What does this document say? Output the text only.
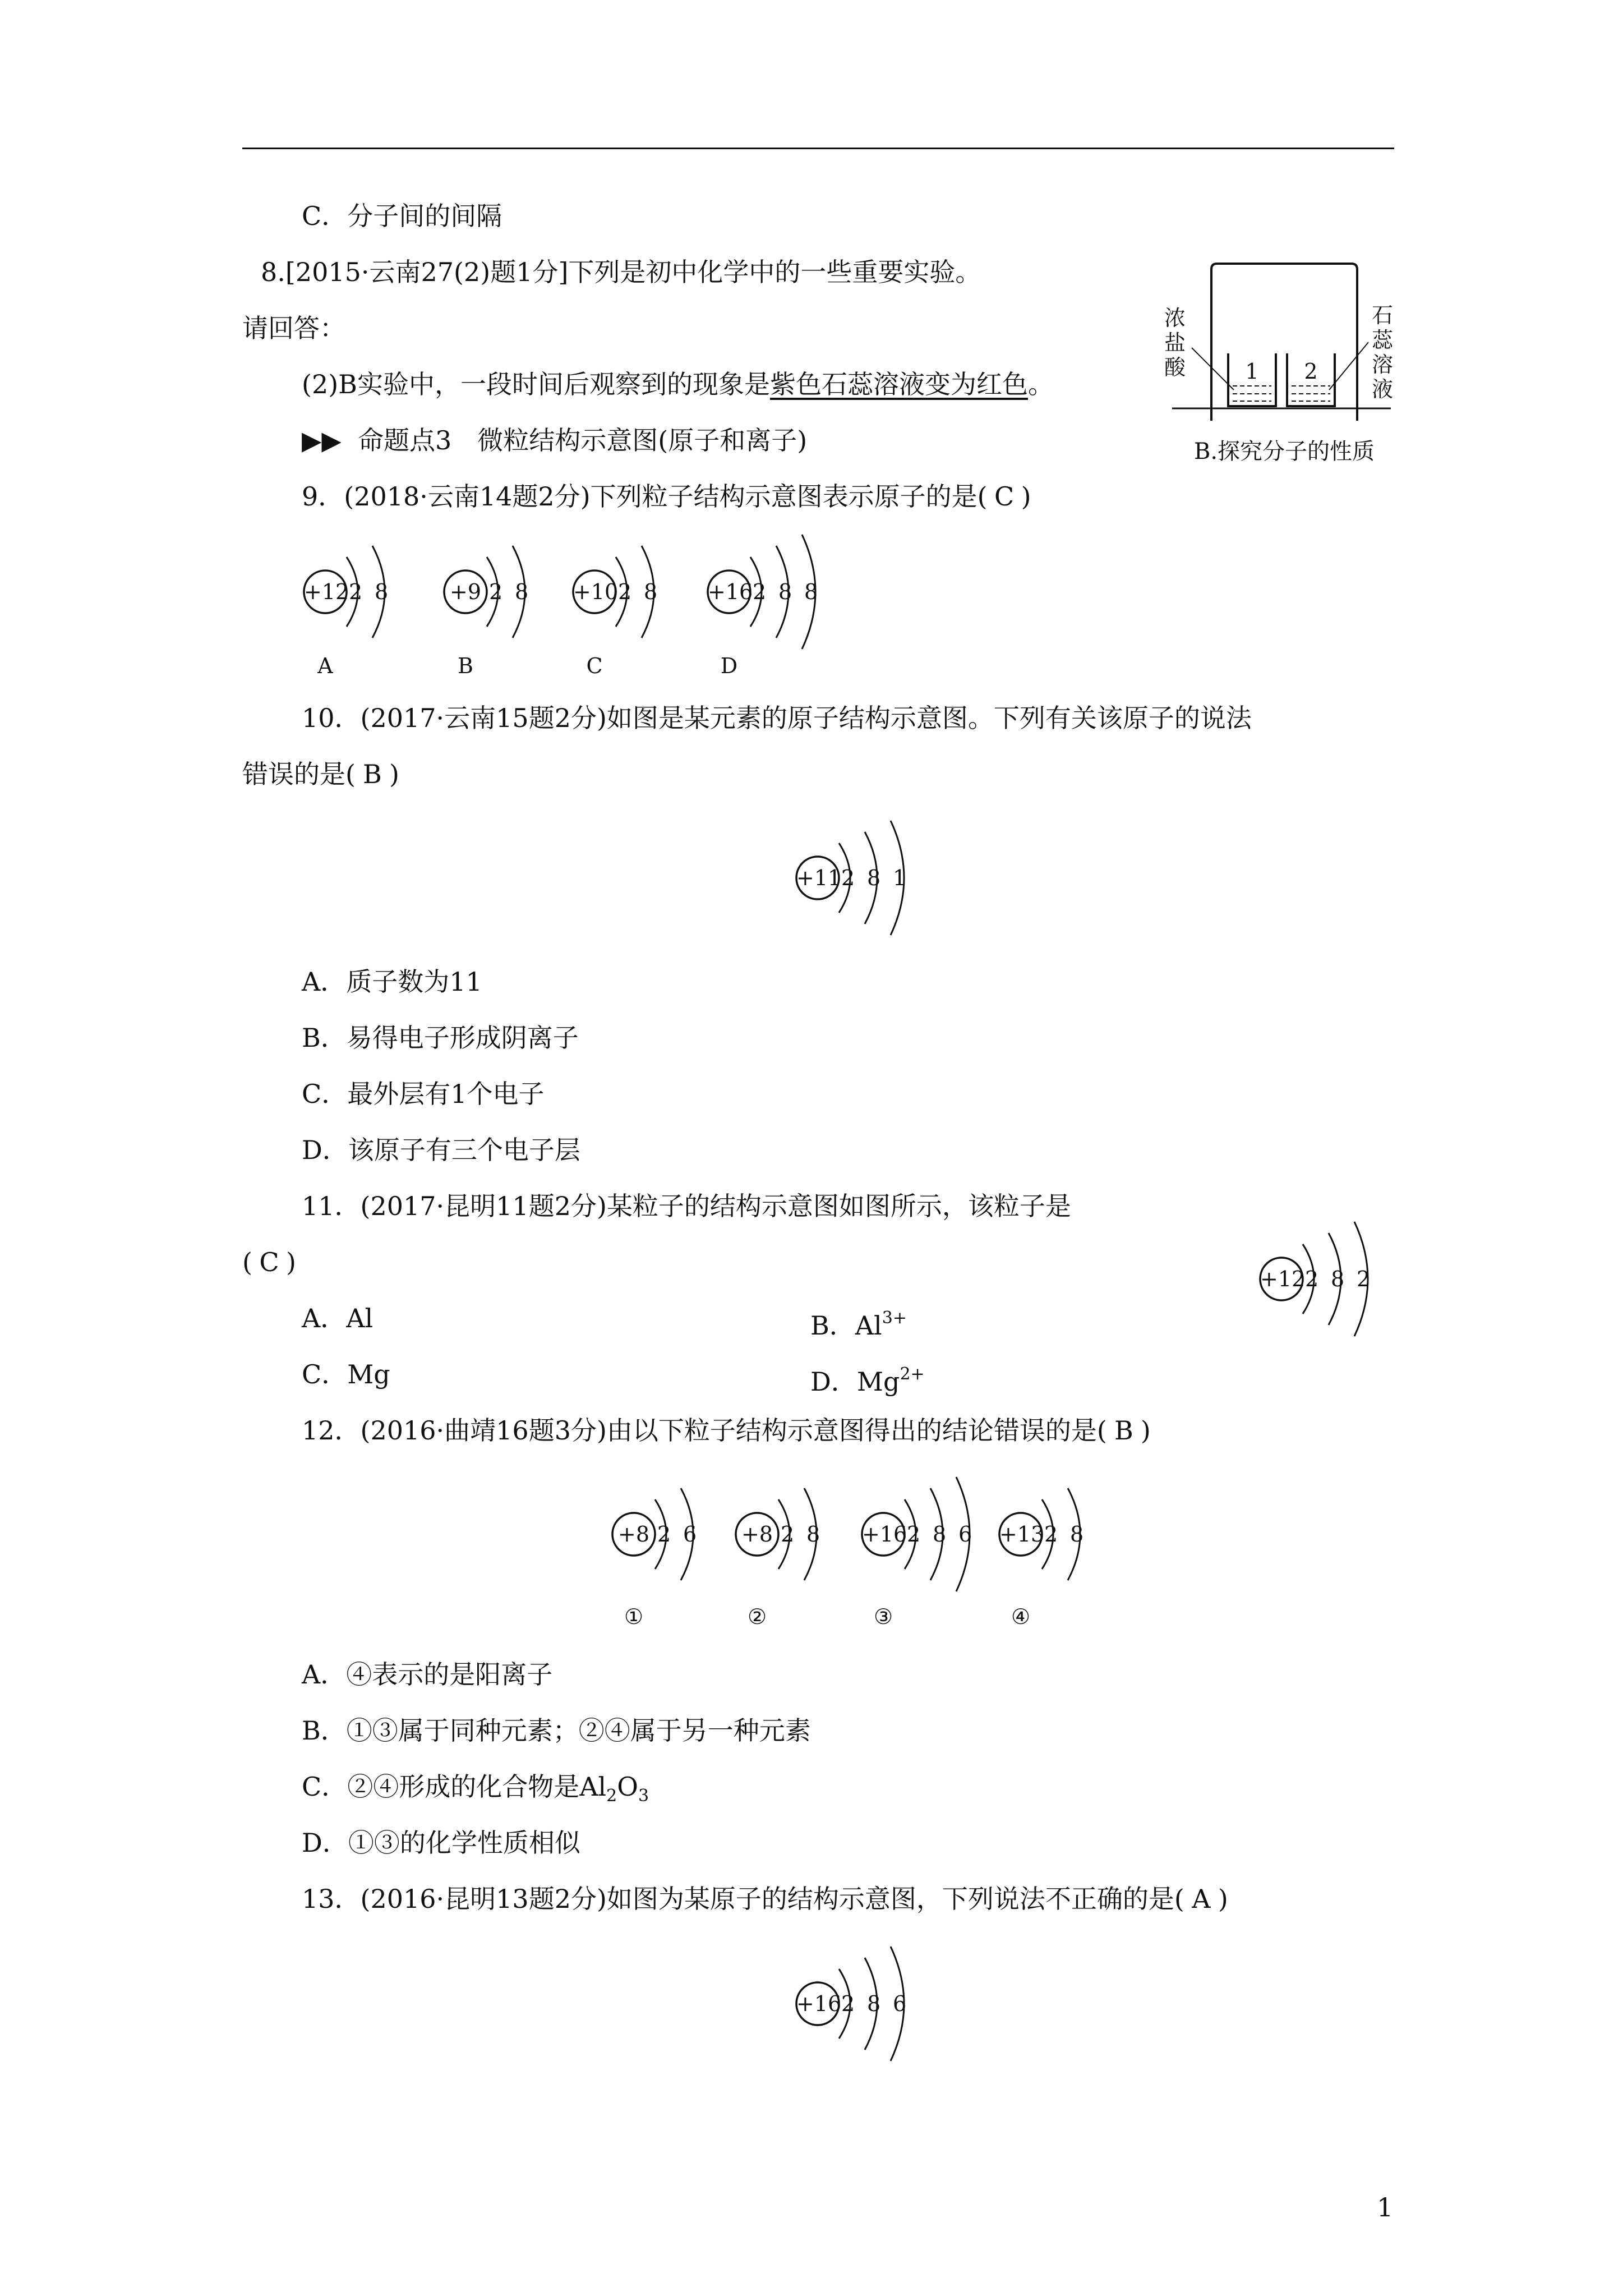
C．分子间的间隔
8.[2015·云南27(2)题1分]下列是初中化学中的一些重要实验。
请回答：
(2)B实验中，一段时间后观察到的现象是紫色石蕊溶液变为红色。
浓
盐
酸
石
蕊
溶
液
1 2
B.探究分子的性质
▶▶ 命题点3　微粒结构示意图(原子和离子)
9．(2018·云南14题2分)下列粒子结构示意图表示原子的是( C )
+12 2 8
A
+9 2 8
B
+10 2 8
C
+16 2 8 8
D
10．(2017·云南15题2分)如图是某元素的原子结构示意图。下列有关该原子的说法
错误的是( B )
+11 2 8 1
A．质子数为11
B．易得电子形成阴离子
C．最外层有1个电子
D．该原子有三个电子层
11．(2017·昆明11题2分)某粒子的结构示意图如图所示，该粒子是
( C )
A．Al	B．$Al^{3+}$
C．Mg	D．$Mg^{2+}$
+12 2 8 2
12．(2016·曲靖16题3分)由以下粒子结构示意图得出的结论错误的是( B )
+8 2 6
①
+8 2 8
②
+16 2 8 6
③
+13 2 8
④
A．④表示的是阳离子
B．①③属于同种元素；②④属于另一种元素
C．②④形成的化合物是$Al_2O_3$
D．①③的化学性质相似
13．(2016·昆明13题2分)如图为某原子的结构示意图，下列说法不正确的是( A )
+16 2 8 6
1
